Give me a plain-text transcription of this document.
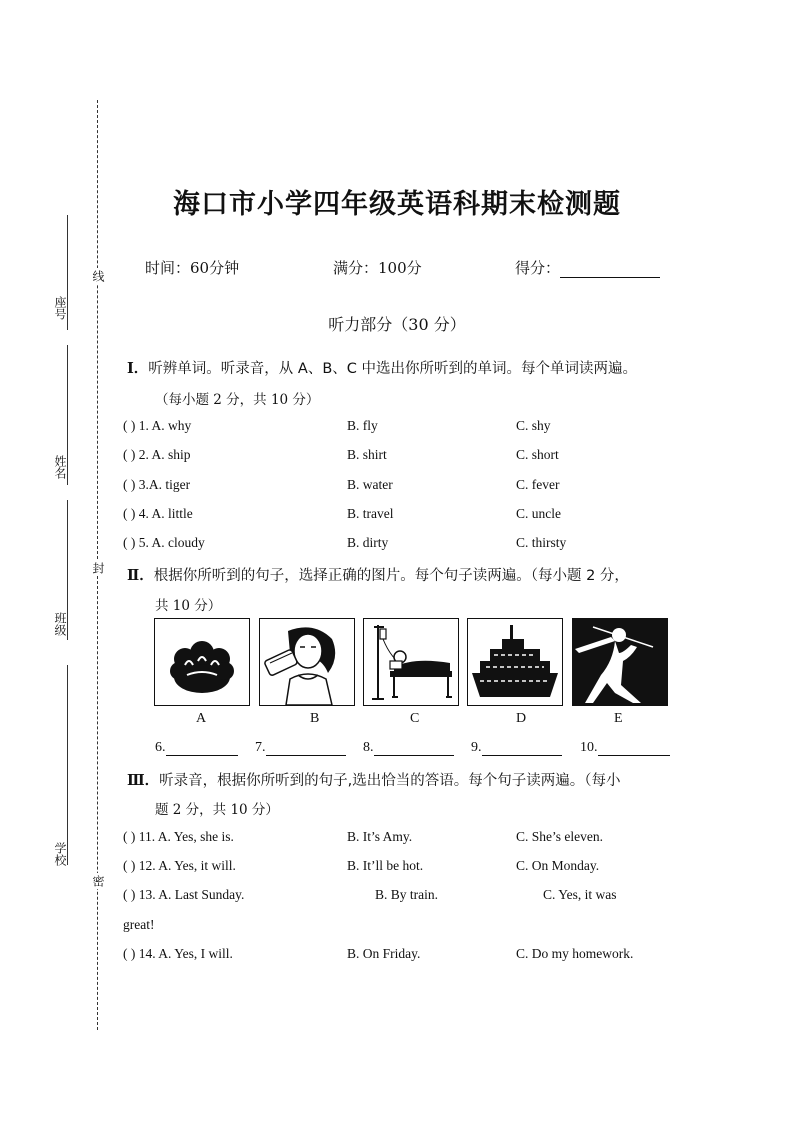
座号
姓名
班级
学校
线
封
密
海口市小学四年级英语科期末检测题
时间：60分钟	满分：100分	得分：
听力部分（30 分）
Ⅰ．听辨单词。听录音，从 A、B、C 中选出你所听到的单词。每个单词读两遍。
（每小题 2 分，共 10 分）
( ) 1. A. why	B. fly	C. shy
( ) 2. A. ship	B. shirt	C. short
( ) 3.A. tiger	B. water	C. fever
( ) 4. A. little	B. travel	C. uncle
( ) 5. A. cloudy	B. dirty	C. thirsty
Ⅱ．根据你所听到的句子，选择正确的图片。每个句子读两遍。（每小题 2 分，
共 10 分）
A	B	C	D	E
6.	7.	8.	9.	10.
Ⅲ．听录音，根据你所听到的句子,选出恰当的答语。每个句子读两遍。（每小
题 2 分，共 10 分）
( ) 11. A. Yes, she is.	B. It’s Amy.	C. She’s eleven.
( ) 12. A. Yes, it will.	B. It’ll be hot.	C. On Monday.
( ) 13. A. Last Sunday.	B. By train.	C. Yes, it was
great!
( ) 14. A. Yes, I will.	B. On Friday.	C. Do my homework.
